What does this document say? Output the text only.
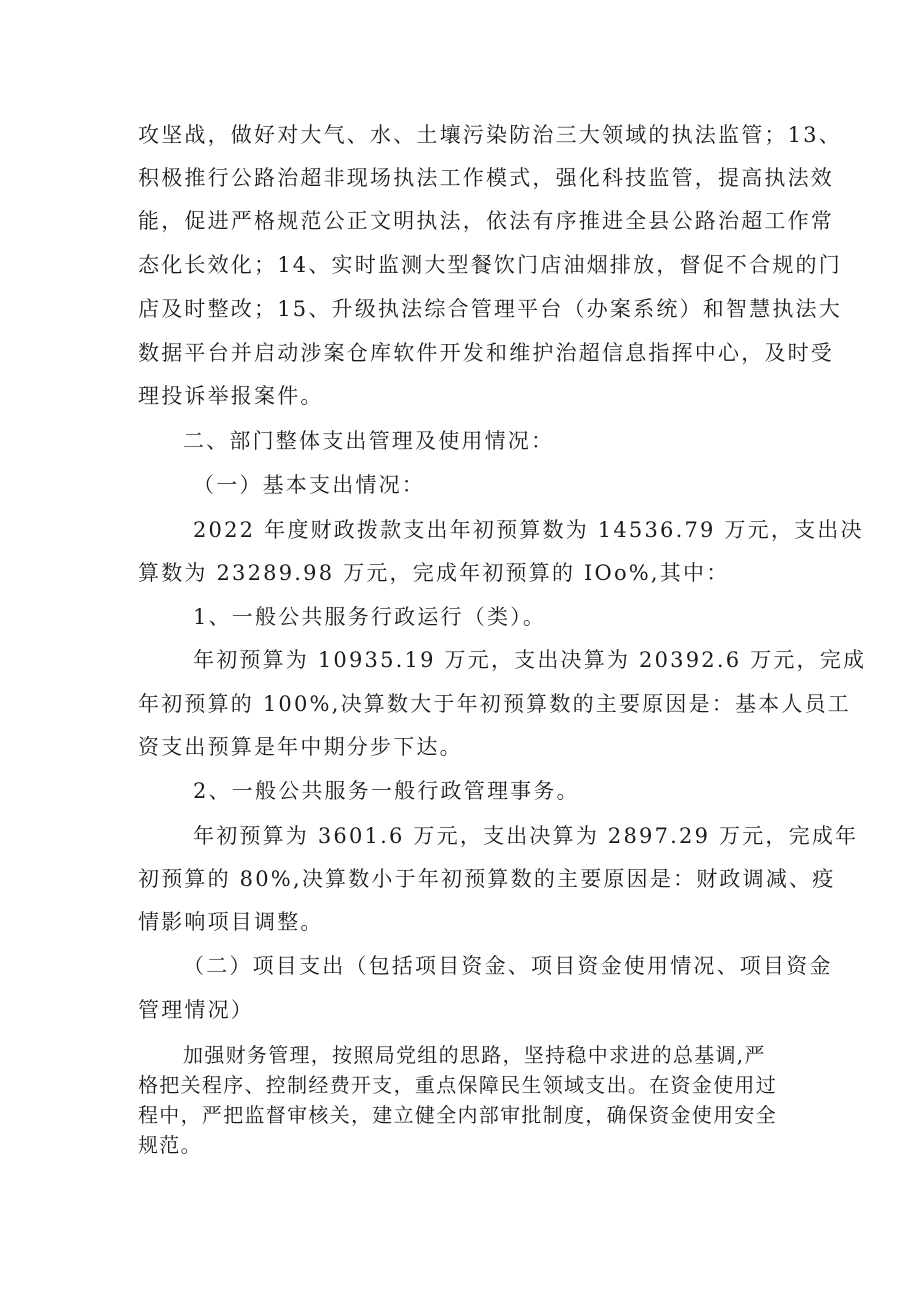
攻坚战，做好对大气、水、土壤污染防治三大领域的执法监管；13、
积极推行公路治超非现场执法工作模式，强化科技监管，提高执法效
能，促进严格规范公正文明执法，依法有序推进全县公路治超工作常
态化长效化；14、实时监测大型餐饮门店油烟排放，督促不合规的门
店及时整改；15、升级执法综合管理平台（办案系统）和智慧执法大
数据平台并启动涉案仓库软件开发和维护治超信息指挥中心，及时受
理投诉举报案件。
二、部门整体支出管理及使用情况：
（一）基本支出情况：
2022 年度财政拨款支出年初预算数为 14536.79 万元，支出决
算数为 23289.98 万元，完成年初预算的 IOo%,其中：
1、一般公共服务行政运行（类）。
年初预算为 10935.19 万元，支出决算为 20392.6 万元，完成
年初预算的 100%,决算数大于年初预算数的主要原因是：基本人员工
资支出预算是年中期分步下达。
2、一般公共服务一般行政管理事务。
年初预算为 3601.6 万元，支出决算为 2897.29 万元，完成年
初预算的 80%,决算数小于年初预算数的主要原因是：财政调减、疫
情影响项目调整。
（二）项目支出（包括项目资金、项目资金使用情况、项目资金
管理情况）
加强财务管理，按照局党组的思路，坚持稳中求进的总基调,严
格把关程序、控制经费开支，重点保障民生领域支出。在资金使用过
程中，严把监督审核关，建立健全内部审批制度，确保资金使用安全
规范。
